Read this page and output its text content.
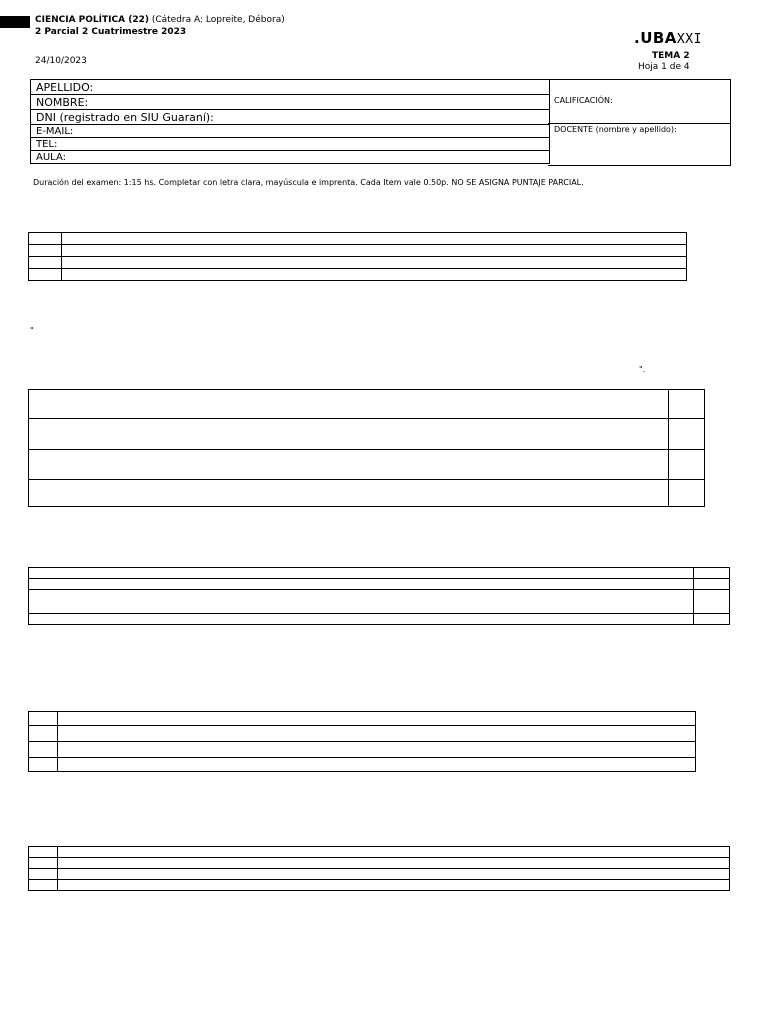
CIENCIA POLÍTICA (22) (Cátedra A: Lopreite, Débora)
2 Parcial 2 Cuatrimestre 2023
24/10/2023
.UBAXXI
TEMA 2
Hoja 1 de 4
APELLIDO:
NOMBRE:
DNI (registrado en SIU Guaraní):
E-MAIL:
TEL:
AULA:
CALIFICACIÓN:
DOCENTE (nombre y apellido):
Duración del examen: 1:15 hs. Completar con letra clara, mayúscula e imprenta. Cada Item vale 0.50p. NO SE ASIGNA PUNTAJE PARCIAL.

"
".
